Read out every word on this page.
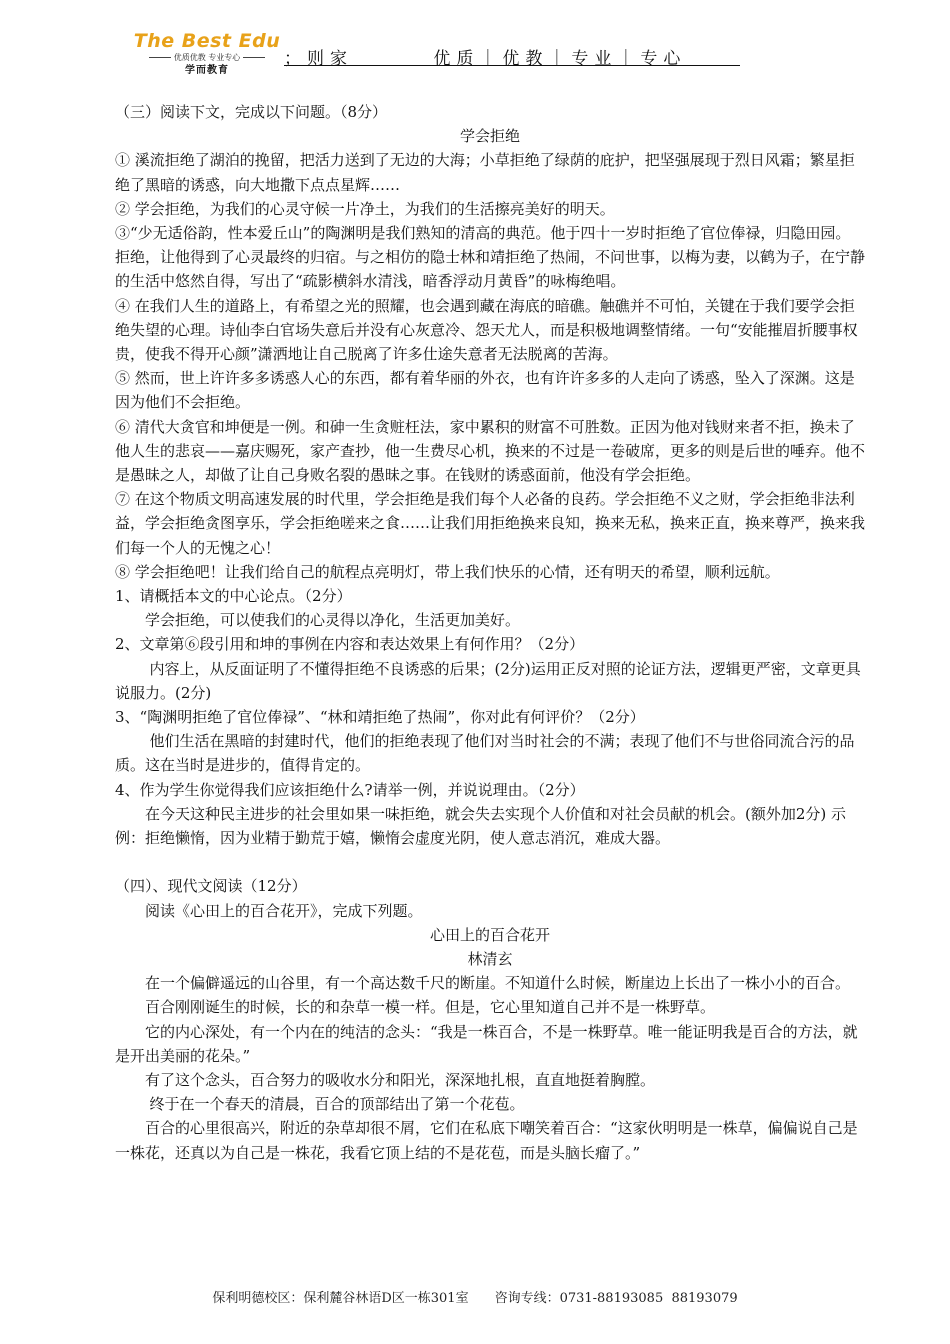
The Best Edu
优质优教 专业专心
学而教育
；则家　　　 优质｜优教｜专业｜专心

（三）阅读下文，完成以下问题。（8分）

学会拒绝

① 溪流拒绝了湖泊的挽留，把活力送到了无边的大海；小草拒绝了绿荫的庇护，把坚强展现于烈日风霜；繁星拒绝了黑暗的诱惑，向大地撒下点点星辉……

② 学会拒绝，为我们的心灵守候一片净土，为我们的生活擦亮美好的明天。

③“少无适俗韵，性本爱丘山”的陶渊明是我们熟知的清高的典范。他于四十一岁时拒绝了官位俸禄，归隐田园。拒绝，让他得到了心灵最终的归宿。与之相仿的隐士林和靖拒绝了热闹，不问世事，以梅为妻，以鹤为子，在宁静的生活中悠然自得，写出了“疏影横斜水清浅，暗香浮动月黄昏”的咏梅绝唱。

④ 在我们人生的道路上，有希望之光的照耀，也会遇到藏在海底的暗礁。触礁并不可怕，关键在于我们要学会拒绝失望的心理。诗仙李白官场失意后并没有心灰意冷、怨天尤人，而是积极地调整情绪。一句“安能摧眉折腰事权贵，使我不得开心颜”潇洒地让自己脱离了许多仕途失意者无法脱离的苦海。

⑤ 然而，世上许许多多诱惑人心的东西，都有着华丽的外衣，也有许许多多的人走向了诱惑，坠入了深渊。这是因为他们不会拒绝。

⑥ 清代大贪官和坤便是一例。和砷一生贪赃枉法，家中累积的财富不可胜数。正因为他对钱财来者不拒，换未了他人生的悲哀——嘉庆赐死，家产查抄，他一生费尽心机，换来的不过是一卷破席，更多的则是后世的唾弃。他不是愚昧之人，却做了让自己身败名裂的愚昧之事。在钱财的诱惑面前，他没有学会拒绝。

⑦ 在这个物质文明高速发展的时代里，学会拒绝是我们每个人必备的良药。学会拒绝不义之财，学会拒绝非法利益，学会拒绝贪图享乐，学会拒绝嗟来之食……让我们用拒绝换来良知，换来无私，换来正直，换来尊严，换来我们每一个人的无愧之心！

⑧ 学会拒绝吧！让我们给自己的航程点亮明灯，带上我们快乐的心情，还有明天的希望，顺利远航。

1、请概括本文的中心论点。（2分）

学会拒绝，可以使我们的心灵得以净化，生活更加美好。

2、文章第⑥段引用和坤的事例在内容和表达效果上有何作用？（2分）

内容上，从反面证明了不懂得拒绝不良诱惑的后果；(2分)运用正反对照的论证方法，逻辑更严密，文章更具说服力。(2分)

3、“陶渊明拒绝了官位俸禄”、“林和靖拒绝了热闹”，你对此有何评价？（2分）

他们生活在黑暗的封建时代，他们的拒绝表现了他们对当时社会的不满；表现了他们不与世俗同流合污的品质。这在当时是进步的，值得肯定的。

4、作为学生你觉得我们应该拒绝什么?请举一例，并说说理由。（2分）

在今天这种民主进步的社会里如果一味拒绝，就会失去实现个人价值和对社会员献的机会。(额外加2分) 示例：拒绝懒惰，因为业精于勤荒于嬉，懒惰会虚度光阴，使人意志消沉，难成大器。

（四）、现代文阅读（12分）

阅读《心田上的百合花开》，完成下列题。

心田上的百合花开

林清玄

在一个偏僻遥远的山谷里，有一个高达数千尺的断崖。不知道什么时候，断崖边上长出了一株小小的百合。

百合刚刚诞生的时候，长的和杂草一模一样。但是，它心里知道自己并不是一株野草。

它的内心深处，有一个内在的纯洁的念头：“我是一株百合，不是一株野草。唯一能证明我是百合的方法，就是开出美丽的花朵。”

有了这个念头，百合努力的吸收水分和阳光，深深地扎根，直直地挺着胸膛。

终于在一个春天的清晨，百合的顶部结出了第一个花苞。

百合的心里很高兴，附近的杂草却很不屑，它们在私底下嘲笑着百合：“这家伙明明是一株草，偏偏说自己是一株花，还真以为自己是一株花，我看它顶上结的不是花苞，而是头脑长瘤了。”

保利明德校区：保利麓谷林语D区一栋301室　　咨询专线：0731-88193085  88193079
